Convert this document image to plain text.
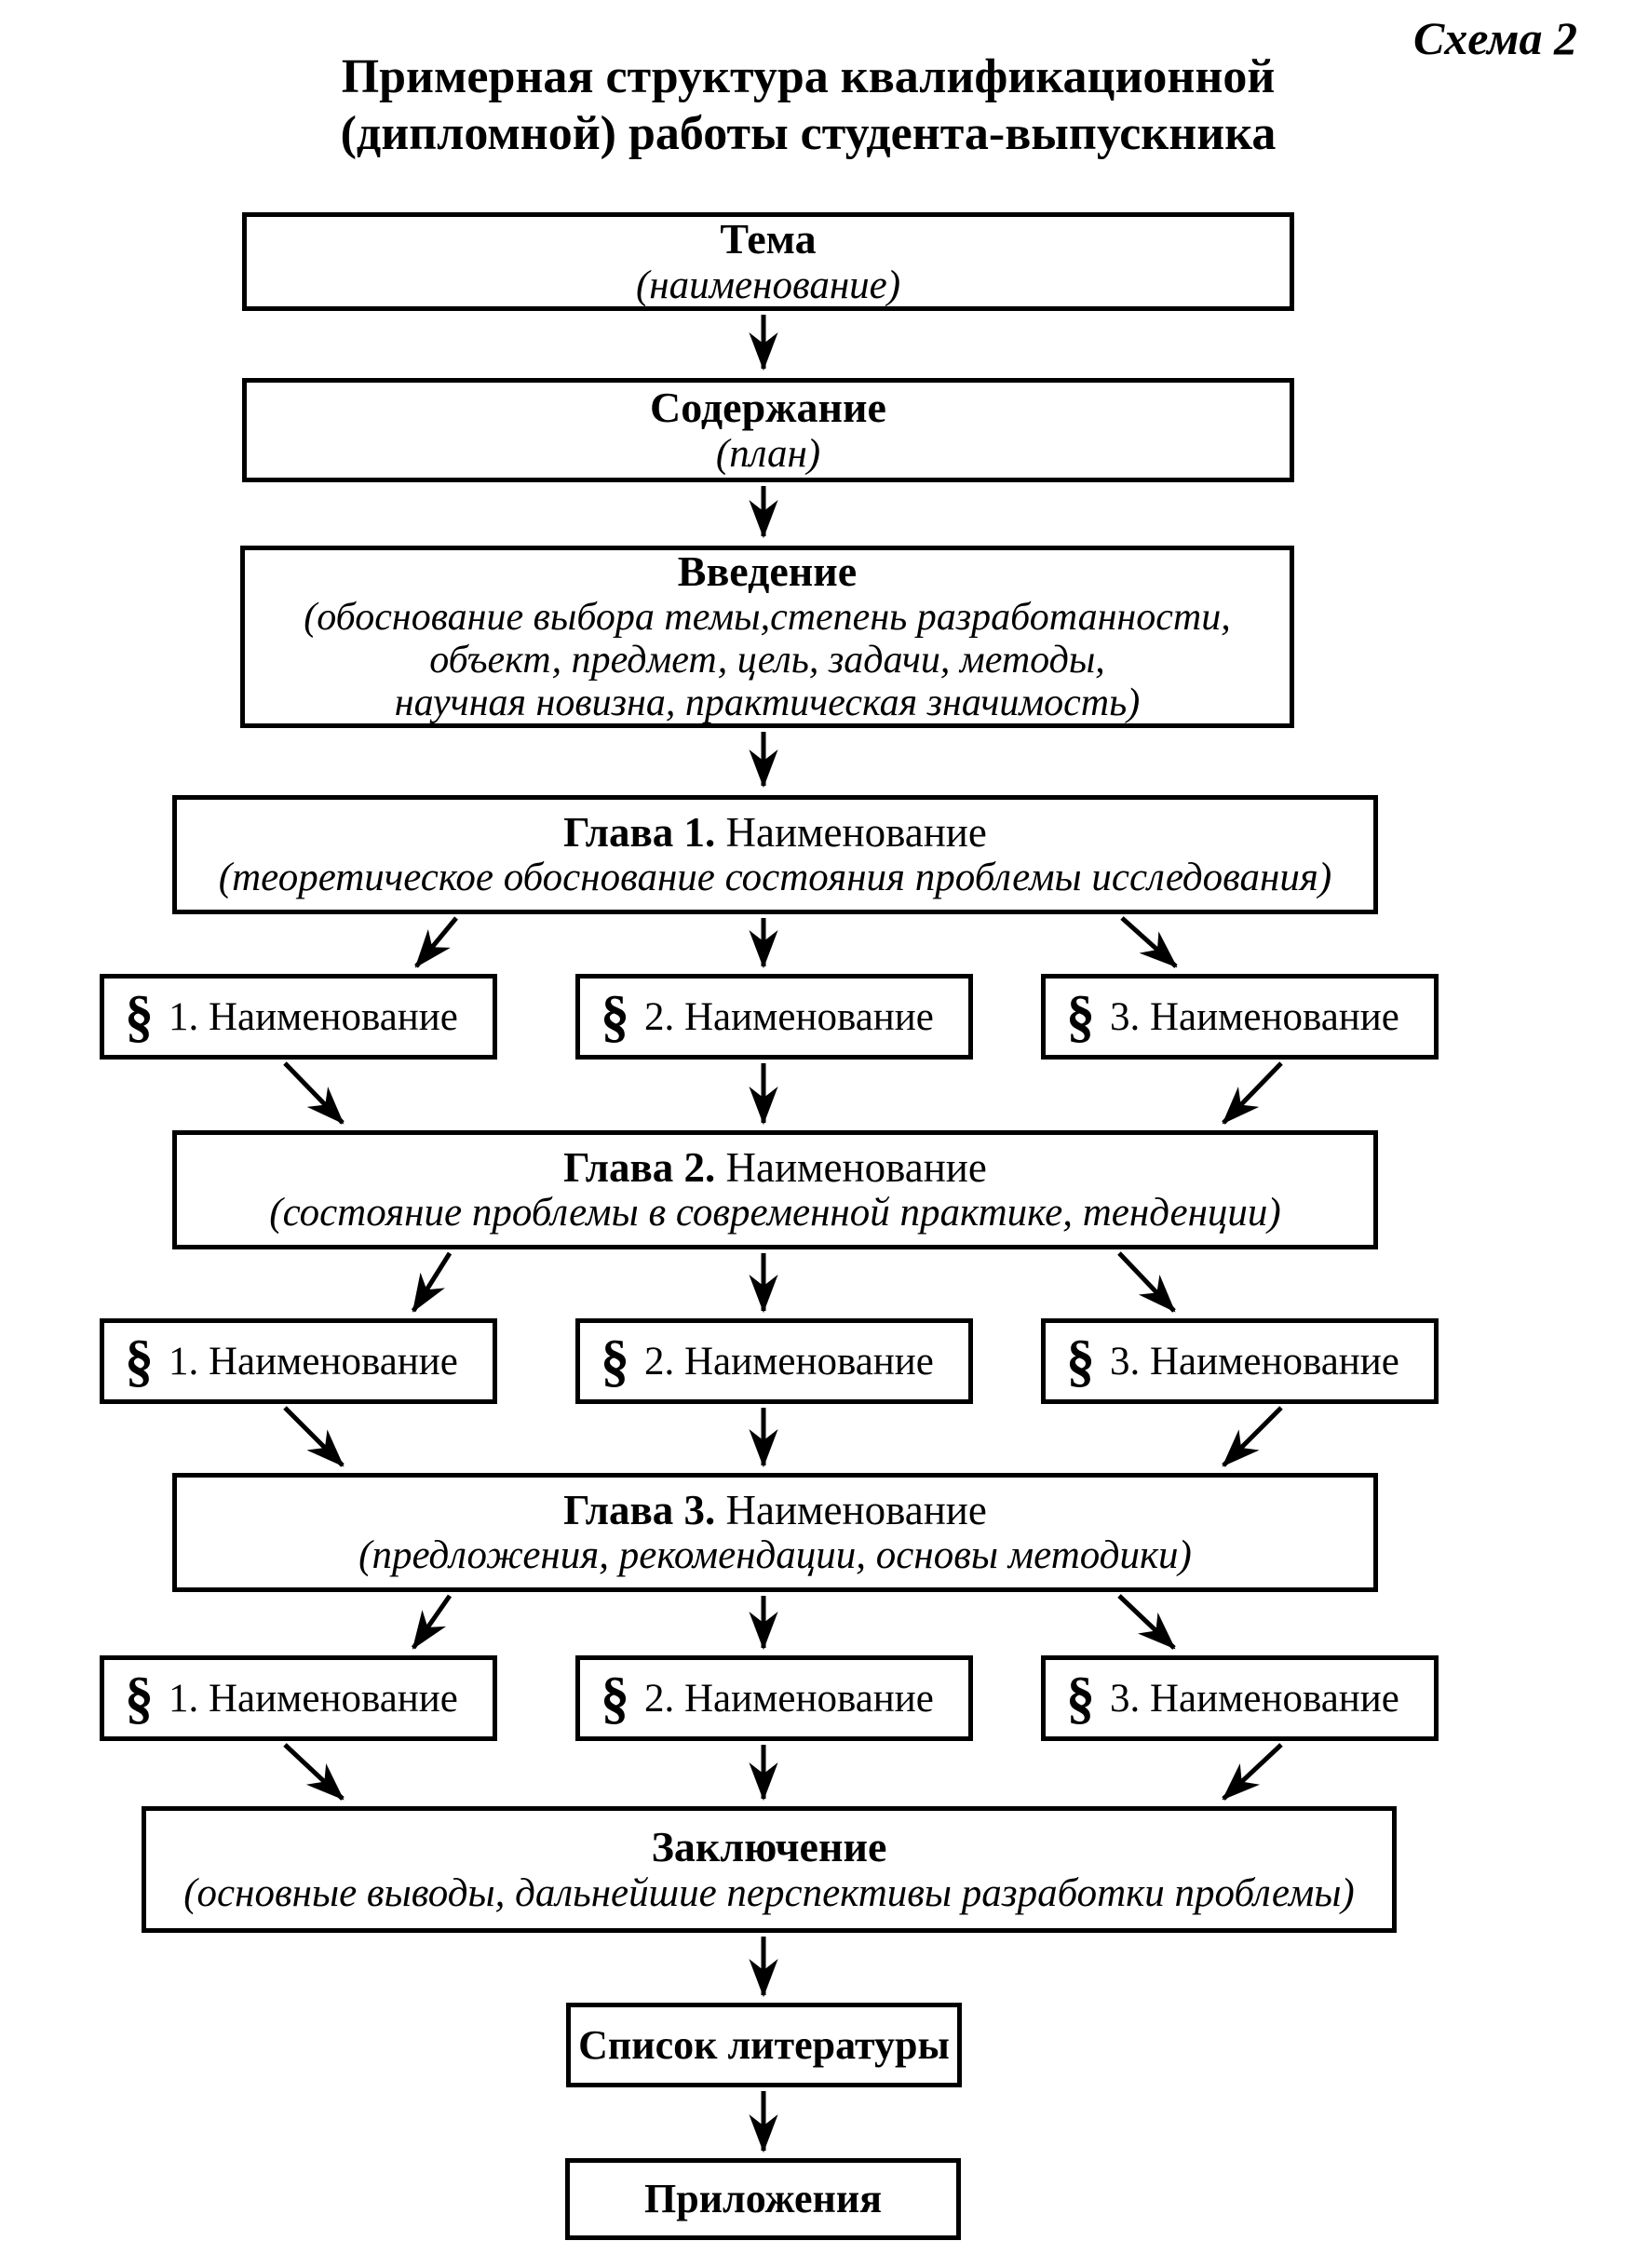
Схема 2
Примерная структура квалификационной
(дипломной) работы студента-выпускника
Тема
(наименование)
Содержание
(план)
Введение
(обоснование выбора темы,степень разработанности,
объект, предмет, цель, задачи, методы,
научная новизна, практическая значимость)
Глава 1. Наименование
(теоретическое обоснование состояния проблемы исследования)
§ 1. Наименование § 2. Наименование § 3. Наименование
Глава 2. Наименование
(состояние проблемы в современной практике, тенденции)
§ 1. Наименование § 2. Наименование § 3. Наименование
Глава 3. Наименование
(предложения, рекомендации, основы методики)
§ 1. Наименование § 2. Наименование § 3. Наименование
Заключение
(основные выводы, дальнейшие перспективы разработки проблемы)
Список литературы
Приложения
